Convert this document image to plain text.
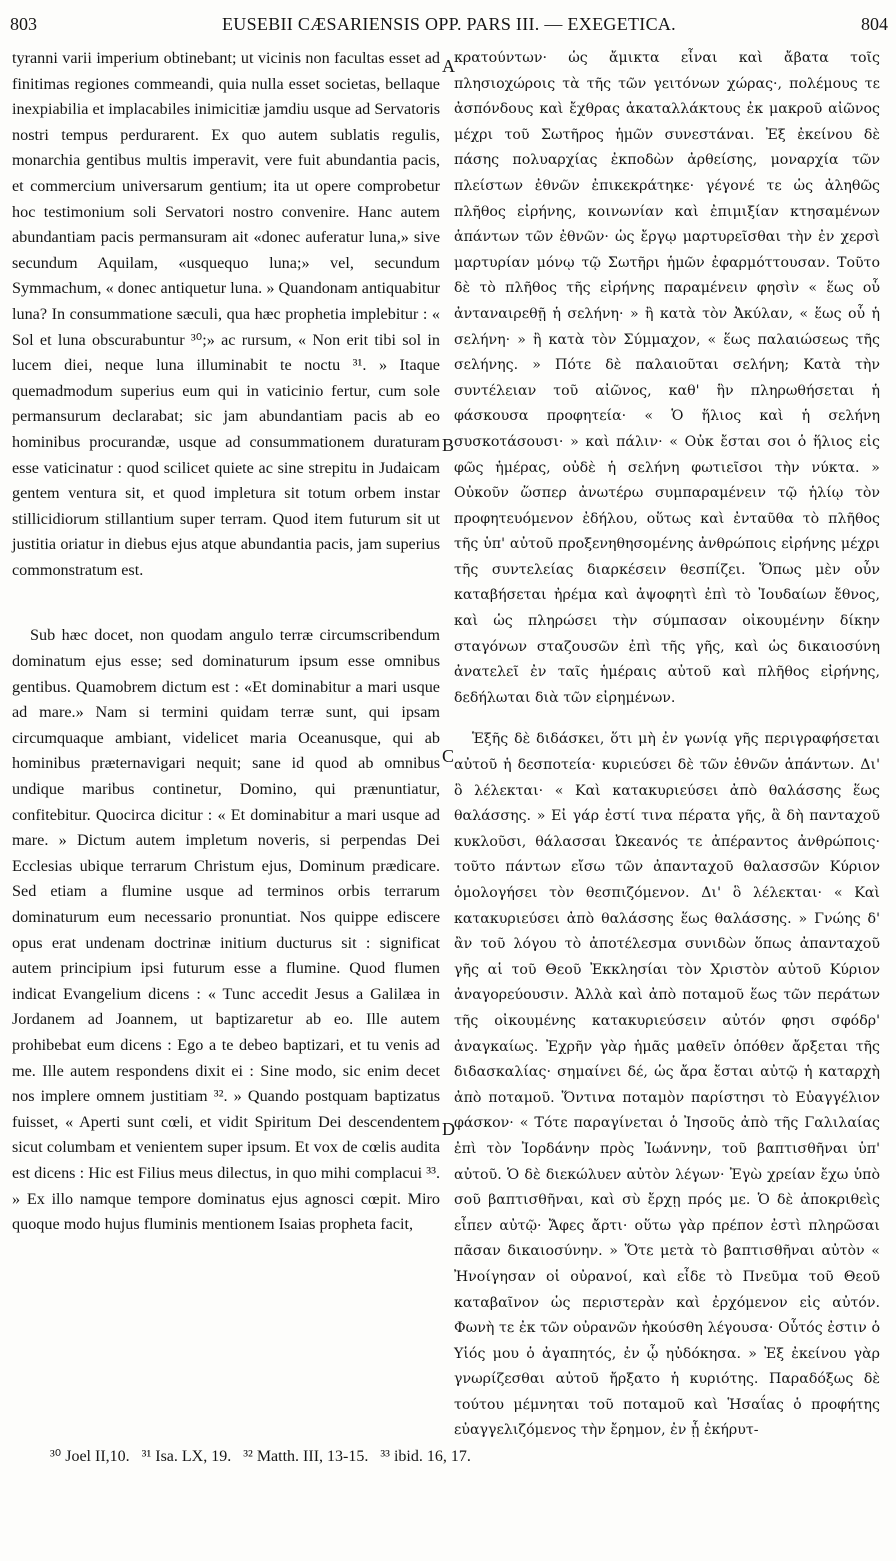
803	EUSEBII CÆSARIENSIS OPP. PARS III. — EXEGETICA.	804

tyranni varii imperium obtinebant; ut vicinis non facultas esset ad finitimas regiones commeandi, quia nulla esset societas, bellaque inexpiabilia et implacabiles inimicitiæ jamdiu usque ad Servatoris nostri tempus perdurarent. Ex quo autem sublatis regulis, monarchia gentibus multis imperavit, vere fuit abundantia pacis, et commercium universarum gentium; ita ut opere comprobetur hoc testimonium soli Servatori nostro convenire. Hanc autem abundantiam pacis permansuram ait «donec auferatur luna,» sive secundum Aquilam, «usquequo luna;» vel, secundum Symmachum, « donec antiquetur luna. » Quandonam antiquabitur luna? In consummatione sæculi, qua hæc prophetia implebitur : « Sol et luna obscurabuntur ³⁰;» ac rursum, « Non erit tibi sol in lucem diei, neque luna illuminabit te noctu ³¹. » Itaque quemadmodum superius eum qui in vaticinio fertur, cum sole permansurum declarabat; sic jam abundantiam pacis ab eo hominibus procurandæ, usque ad consummationem duraturam esse vaticinatur : quod scilicet quiete ac sine strepitu in Judaicam gentem ventura sit, et quod impletura sit totum orbem instar stillicidiorum stillantium super terram. Quod item futurum sit ut justitia oriatur in diebus ejus atque abundantia pacis, jam superius commonstratum est.

Sub hæc docet, non quodam angulo terræ circumscribendum dominatum ejus esse; sed dominaturum ipsum esse omnibus gentibus. Quamobrem dictum est : «Et dominabitur a mari usque ad mare.» Nam si termini quidam terræ sunt, qui ipsam circumquaque ambiant, videlicet maria Oceanusque, qui ab hominibus præternavigari nequit; sane id quod ab omnibus undique maribus continetur, Domino, qui prænuntiatur, confitebitur. Quocirca dicitur : « Et dominabitur a mari usque ad mare. » Dictum autem impletum noveris, si perpendas Dei Ecclesias ubique terrarum Christum ejus, Dominum prædicare. Sed etiam a flumine usque ad terminos orbis terrarum dominaturum eum necessario pronuntiat. Nos quippe ediscere opus erat undenam doctrinæ initium ducturus sit : significat autem principium ipsi futurum esse a flumine. Quod flumen indicat Evangelium dicens : « Tunc accedit Jesus a Galilæa in Jordanem ad Joannem, ut baptizaretur ab eo. Ille autem prohibebat eum dicens : Ego a te debeo baptizari, et tu venis ad me. Ille autem respondens dixit ei : Sine modo, sic enim decet nos implere omnem justitiam ³². » Quando postquam baptizatus fuisset, « Aperti sunt cœli, et vidit Spiritum Dei descendentem sicut columbam et venientem super ipsum. Et vox de cœlis audita est dicens : Hic est Filius meus dilectus, in quo mihi complacui ³³. » Ex illo namque tempore dominatus ejus agnosci cœpit. Miro quoque modo hujus fluminis mentionem Isaias propheta facit,

κρατούντων· ὡς ἄμικτα εἶναι καὶ ἄβατα τοῖς πλησιοχώροις τὰ τῆς τῶν γειτόνων χώρας·, πολέμους τε ἀσπόνδους καὶ ἔχθρας ἀκαταλλάκτους ἐκ μακροῦ αἰῶνος μέχρι τοῦ Σωτῆρος ἡμῶν συνεστάναι. Ἐξ ἐκείνου δὲ πάσης πολυαρχίας ἐκποδὼν ἀρθείσης, μοναρχία τῶν πλείστων ἐθνῶν ἐπικεκράτηκε· γέγονέ τε ὡς ἀληθῶς πλῆθος εἰρήνης, κοινωνίαν καὶ ἐπιμιξίαν κτησαμένων ἁπάντων τῶν ἐθνῶν· ὡς ἔργῳ μαρτυρεῖσθαι τὴν ἐν χερσὶ μαρτυρίαν μόνῳ τῷ Σωτῆρι ἡμῶν ἐφαρμόττουσαν. Τοῦτο δὲ τὸ πλῆθος τῆς εἰρήνης παραμένειν φησὶν « ἕως οὗ ἀνταναιρεθῇ ἡ σελήνη· » ἢ κατὰ τὸν Ἀκύλαν, « ἕως οὗ ἡ σελήνη· » ἢ κατὰ τὸν Σύμμαχον, « ἕως παλαιώσεως τῆς σελήνης. » Πότε δὲ παλαιοῦται σελήνη; Κατὰ τὴν συντέλειαν τοῦ αἰῶνος, καθ' ἣν πληρωθήσεται ἡ φάσκουσα προφητεία· « Ὁ ἥλιος καὶ ἡ σελήνη συσκοτάσουσι· » καὶ πάλιν· « Οὐκ ἔσται σοι ὁ ἥλιος εἰς φῶς ἡμέρας, οὐδὲ ἡ σελήνη φωτιεῖσοι τὴν νύκτα. » Οὐκοῦν ὥσπερ ἀνωτέρω συμπαραμένειν τῷ ἡλίῳ τὸν προφητευόμενον ἐδήλου, οὕτως καὶ ἐνταῦθα τὸ πλῆθος τῆς ὑπ' αὐτοῦ προξενηθησομένης ἀνθρώποις εἰρήνης μέχρι τῆς συντελείας διαρκέσειν θεσπίζει. Ὅπως μὲν οὖν καταβήσεται ἠρέμα καὶ ἀψοφητὶ ἐπὶ τὸ Ἰουδαίων ἔθνος, καὶ ὡς πληρώσει τὴν σύμπασαν οἰκουμένην δίκην σταγόνων σταζουσῶν ἐπὶ τῆς γῆς, καὶ ὡς δικαιοσύνη ἀνατελεῖ ἐν ταῖς ἡμέραις αὐτοῦ καὶ πλῆθος εἰρήνης, δεδήλωται διὰ τῶν εἰρημένων.

Ἑξῆς δὲ διδάσκει, ὅτι μὴ ἐν γωνίᾳ γῆς περιγραφήσεται αὐτοῦ ἡ δεσποτεία· κυριεύσει δὲ τῶν ἐθνῶν ἁπάντων. Δι' ὃ λέλεκται· « Καὶ κατακυριεύσει ἀπὸ θαλάσσης ἕως θαλάσσης. » Εἰ γάρ ἐστί τινα πέρατα γῆς, ἃ δὴ πανταχοῦ κυκλοῦσι, θάλασσαι Ὠκεανός τε ἀπέραντος ἀνθρώποις· τοῦτο πάντων εἴσω τῶν ἀπανταχοῦ θαλασσῶν Κύριον ὁμολογήσει τὸν θεσπιζόμενον. Δι' ὃ λέλεκται· « Καὶ κατακυριεύσει ἀπὸ θαλάσσης ἕως θαλάσσης. » Γνώης δ' ἂν τοῦ λόγου τὸ ἀποτέλεσμα συνιδὼν ὅπως ἀπανταχοῦ γῆς αἱ τοῦ Θεοῦ Ἐκκλησίαι τὸν Χριστὸν αὐτοῦ Κύριον ἀναγορεύουσιν. Ἀλλὰ καὶ ἀπὸ ποταμοῦ ἕως τῶν περάτων τῆς οἰκουμένης κατακυριεύσειν αὐτόν φησι σφόδρ' ἀναγκαίως. Ἐχρῆν γὰρ ἡμᾶς μαθεῖν ὁπόθεν ἄρξεται τῆς διδασκαλίας· σημαίνει δέ, ὡς ἄρα ἔσται αὐτῷ ἡ καταρχὴ ἀπὸ ποταμοῦ. Ὅντινα ποταμὸν παρίστησι τὸ Εὐαγγέλιον φάσκον· « Τότε παραγίνεται ὁ Ἰησοῦς ἀπὸ τῆς Γαλιλαίας ἐπὶ τὸν Ἰορδάνην πρὸς Ἰωάννην, τοῦ βαπτισθῆναι ὑπ' αὐτοῦ. Ὁ δὲ διεκώλυεν αὐτὸν λέγων· Ἐγὼ χρείαν ἔχω ὑπὸ σοῦ βαπτισθῆναι, καὶ σὺ ἔρχῃ πρός με. Ὁ δὲ ἀποκριθεὶς εἶπεν αὐτῷ· Ἄφες ἄρτι· οὕτω γὰρ πρέπον ἐστὶ πληρῶσαι πᾶσαν δικαιοσύνην. » Ὅτε μετὰ τὸ βαπτισθῆναι αὐτὸν « Ἠνοίγησαν οἱ οὐρανοί, καὶ εἶδε τὸ Πνεῦμα τοῦ Θεοῦ καταβαῖνον ὡς περιστερὰν καὶ ἐρχόμενον εἰς αὐτόν. Φωνὴ τε ἐκ τῶν οὐρανῶν ἠκούσθη λέγουσα· Οὗτός ἐστιν ὁ Υἱός μου ὁ ἀγαπητός, ἐν ᾧ ηὐδόκησα. » Ἐξ ἐκείνου γὰρ γνωρίζεσθαι αὐτοῦ ἤρξατο ἡ κυριότης. Παραδόξως δὲ τούτου μέμνηται τοῦ ποταμοῦ καὶ Ἡσαΐας ὁ προφήτης εὐαγγελιζόμενος τὴν ἔρημον, ἐν ᾗ ἐκήρυτ-

A
B
C
D
³⁰ Joel II,10.   ³¹ Isa. LX, 19.   ³² Matth. III, 13-15.   ³³ ibid. 16, 17.
